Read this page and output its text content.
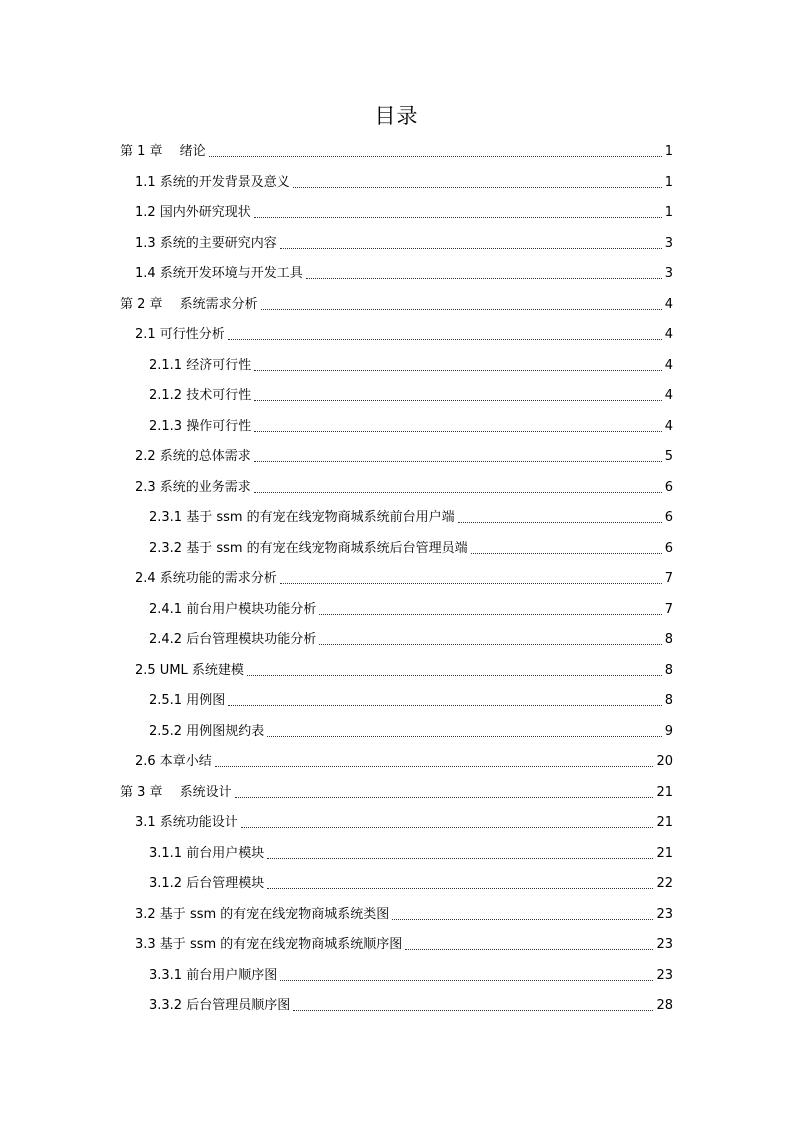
目录
第 1 章　 绪论	1
1.1 系统的开发背景及意义	1
1.2 国内外研究现状	1
1.3 系统的主要研究内容	3
1.4 系统开发环境与开发工具	3
第 2 章　 系统需求分析	4
2.1 可行性分析	4
2.1.1 经济可行性	4
2.1.2 技术可行性	4
2.1.3 操作可行性	4
2.2 系统的总体需求	5
2.3 系统的业务需求	6
2.3.1 基于 ssm 的有宠在线宠物商城系统前台用户端	6
2.3.2 基于 ssm 的有宠在线宠物商城系统后台管理员端	6
2.4 系统功能的需求分析	7
2.4.1 前台用户模块功能分析	7
2.4.2 后台管理模块功能分析	8
2.5 UML 系统建模	8
2.5.1 用例图	8
2.5.2 用例图规约表	9
2.6 本章小结	20
第 3 章　 系统设计	21
3.1 系统功能设计	21
3.1.1 前台用户模块	21
3.1.2 后台管理模块	22
3.2 基于 ssm 的有宠在线宠物商城系统类图	23
3.3 基于 ssm 的有宠在线宠物商城系统顺序图	23
3.3.1 前台用户顺序图	23
3.3.2 后台管理员顺序图	28
